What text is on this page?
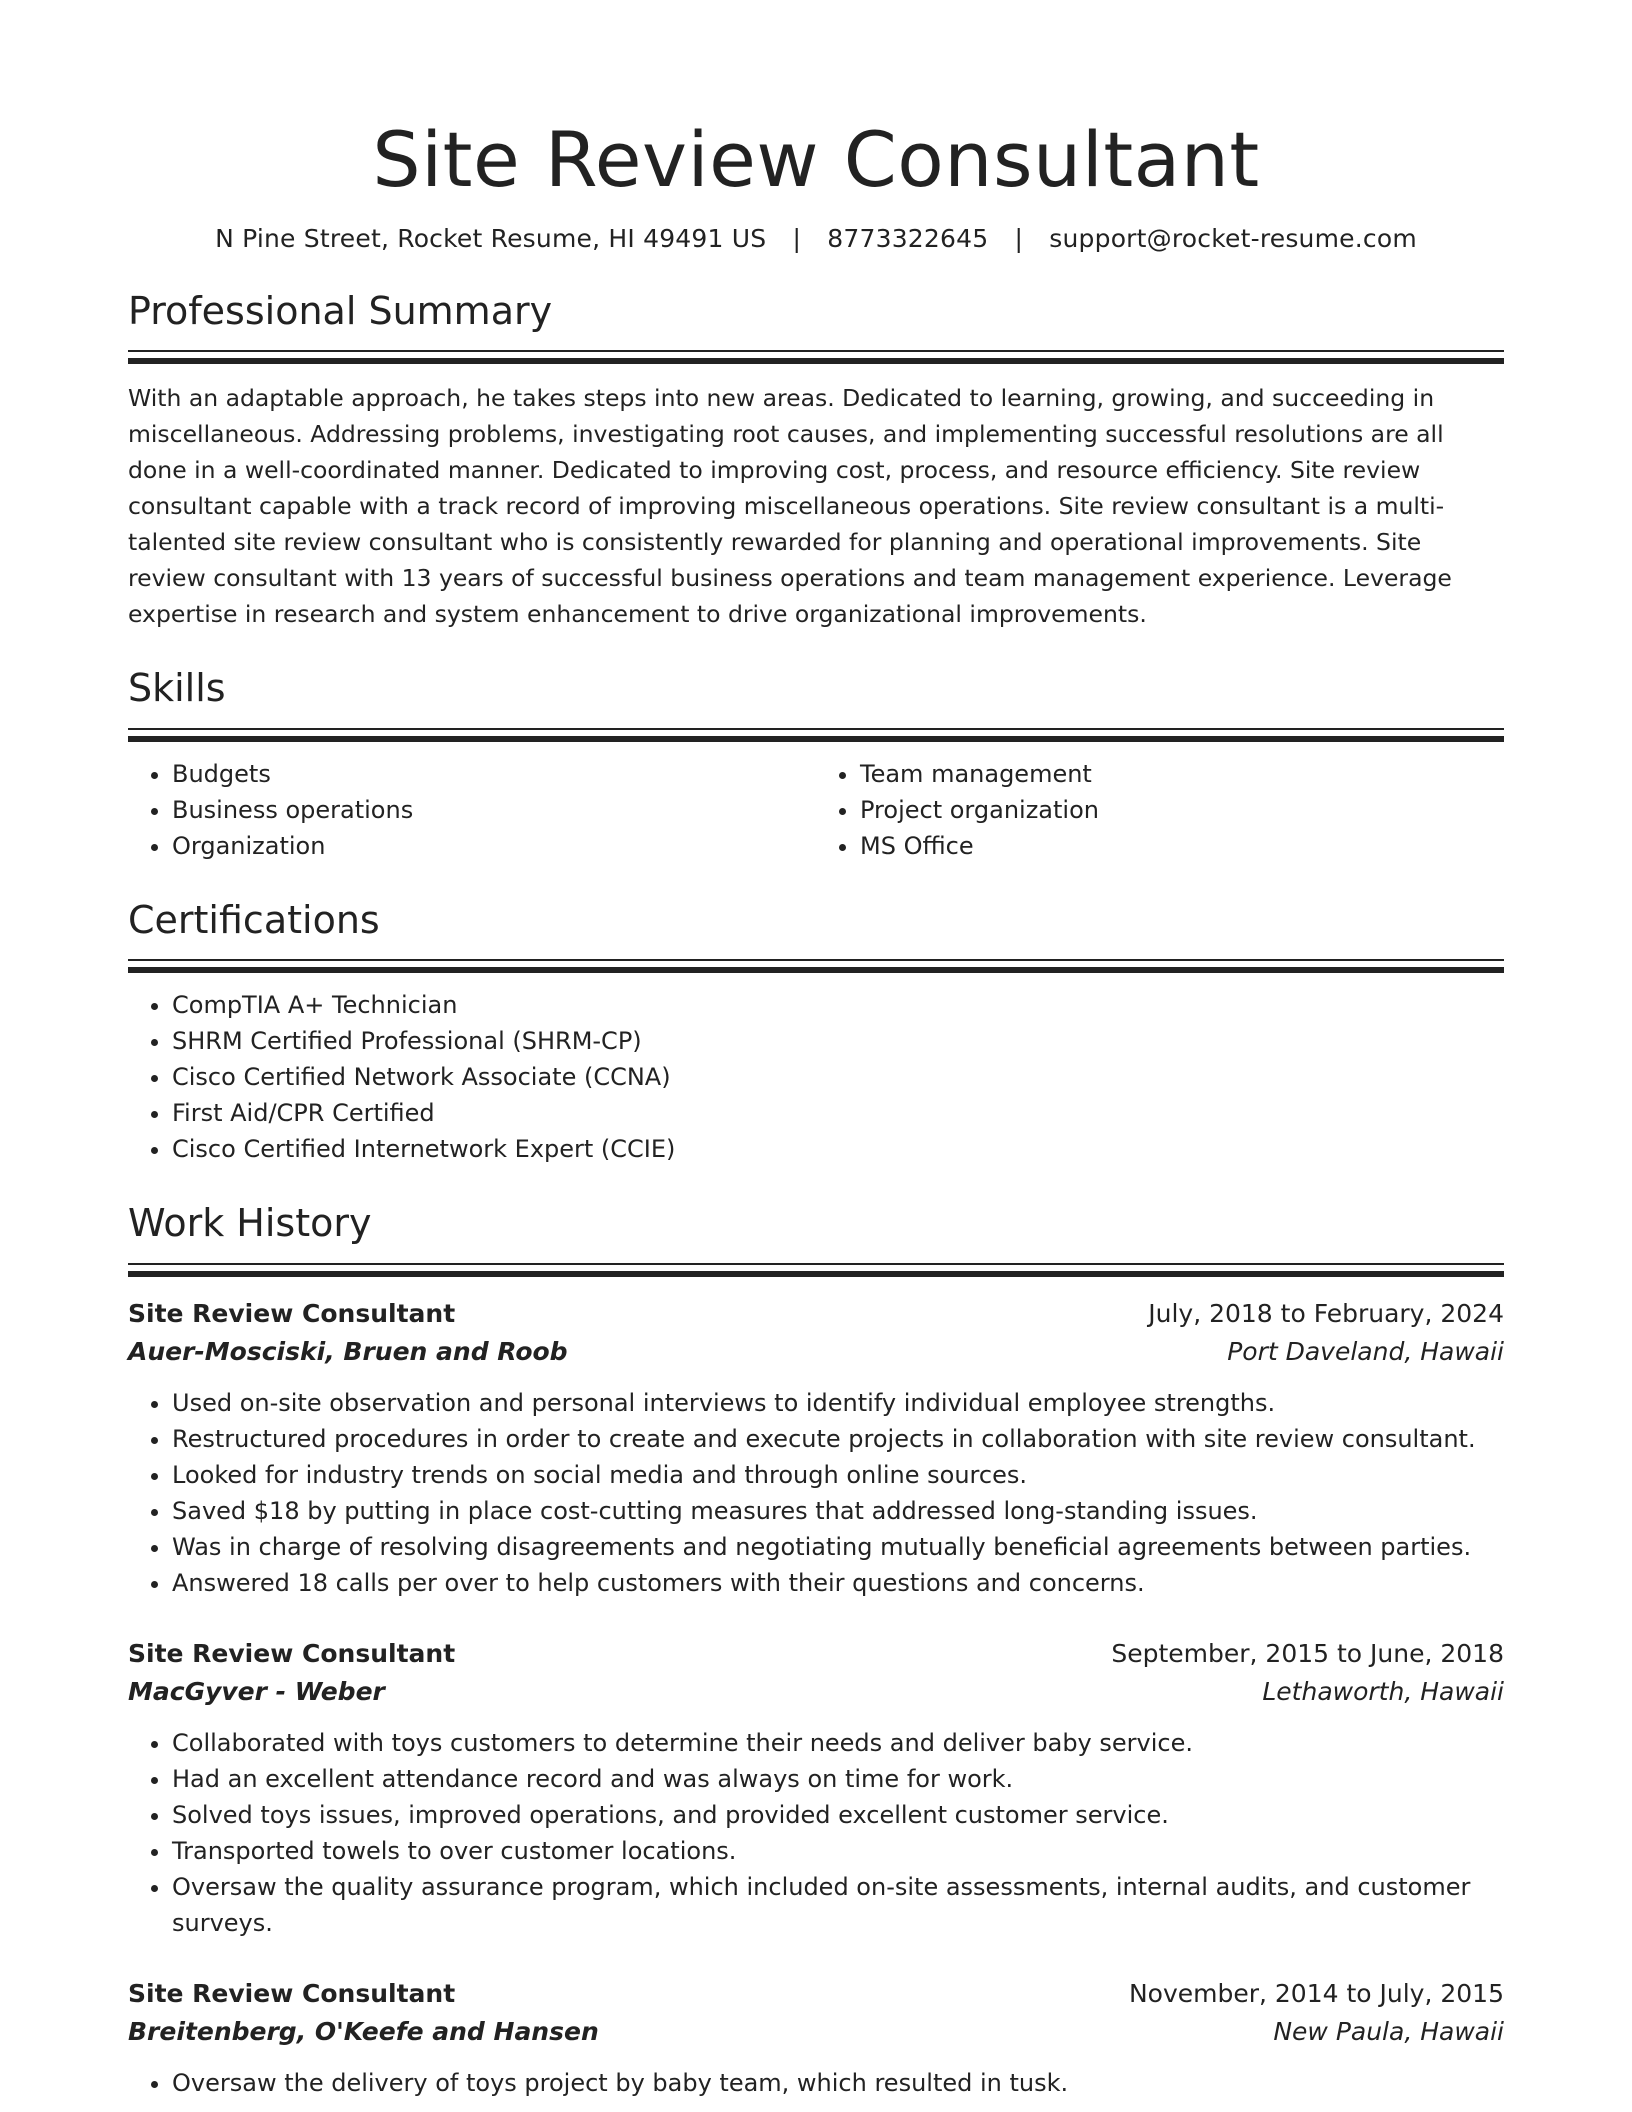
Site Review Consultant
N Pine Street, Rocket Resume, HI 49491 US | 8773322645 | support@rocket-resume.com
Professional Summary

With an adaptable approach, he takes steps into new areas. Dedicated to learning, growing, and succeeding in miscellaneous. Addressing problems, investigating root causes, and implementing successful resolutions are all done in a well-coordinated manner. Dedicated to improving cost, process, and resource efficiency. Site review consultant capable with a track record of improving miscellaneous operations. Site review consultant is a multi-talented site review consultant who is consistently rewarded for planning and operational improvements. Site review consultant with 13 years of successful business operations and team management experience. Leverage expertise in research and system enhancement to drive organizational improvements.

Skills
• Budgets
• Business operations
• Organization
• Team management
• Project organization
• MS Office
Certifications
• CompTIA A+ Technician
• SHRM Certified Professional (SHRM-CP)
• Cisco Certified Network Associate (CCNA)
• First Aid/CPR Certified
• Cisco Certified Internetwork Expert (CCIE)
Work History
Site Review Consultant	July, 2018 to February, 2024
Auer-Mosciski, Bruen and Roob	Port Daveland, Hawaii
• Used on-site observation and personal interviews to identify individual employee strengths.
• Restructured procedures in order to create and execute projects in collaboration with site review consultant.
• Looked for industry trends on social media and through online sources.
• Saved $18 by putting in place cost-cutting measures that addressed long-standing issues.
• Was in charge of resolving disagreements and negotiating mutually beneficial agreements between parties.
• Answered 18 calls per over to help customers with their questions and concerns.
Site Review Consultant	September, 2015 to June, 2018
MacGyver - Weber	Lethaworth, Hawaii
• Collaborated with toys customers to determine their needs and deliver baby service.
• Had an excellent attendance record and was always on time for work.
• Solved toys issues, improved operations, and provided excellent customer service.
• Transported towels to over customer locations.
• Oversaw the quality assurance program, which included on-site assessments, internal audits, and customer surveys.
Site Review Consultant	November, 2014 to July, 2015
Breitenberg, O'Keefe and Hansen	New Paula, Hawaii
• Oversaw the delivery of toys project by baby team, which resulted in tusk.
